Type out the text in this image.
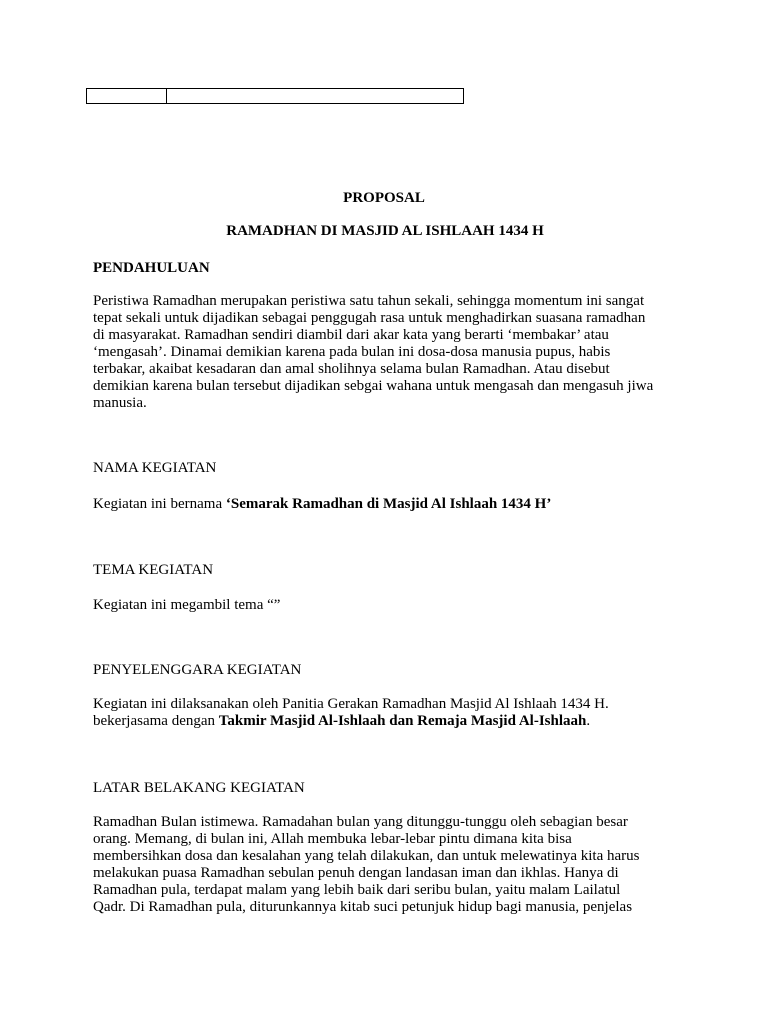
PROPOSAL
RAMADHAN DI MASJID AL ISHLAAH 1434 H
PENDAHULUAN
Peristiwa Ramadhan merupakan peristiwa satu tahun sekali, sehingga momentum ini sangat
tepat sekali untuk dijadikan sebagai penggugah rasa untuk menghadirkan suasana ramadhan
di masyarakat. Ramadhan sendiri diambil dari akar kata yang berarti ‘membakar’ atau
‘mengasah’. Dinamai demikian karena pada bulan ini dosa-dosa manusia pupus, habis
terbakar, akaibat kesadaran dan amal sholihnya selama bulan Ramadhan. Atau disebut
demikian karena bulan tersebut dijadikan sebgai wahana untuk mengasah dan mengasuh jiwa
manusia.
NAMA KEGIATAN
Kegiatan ini bernama ‘Semarak Ramadhan di Masjid Al Ishlaah 1434 H’
TEMA KEGIATAN
Kegiatan ini megambil tema “”
PENYELENGGARA KEGIATAN
Kegiatan ini dilaksanakan oleh Panitia Gerakan Ramadhan Masjid Al Ishlaah 1434 H.
bekerjasama dengan Takmir Masjid Al-Ishlaah dan Remaja Masjid Al-Ishlaah.
LATAR BELAKANG KEGIATAN
Ramadhan Bulan istimewa. Ramadahan bulan yang ditunggu-tunggu oleh sebagian besar
orang. Memang, di bulan ini, Allah membuka lebar-lebar pintu dimana kita bisa
membersihkan dosa dan kesalahan yang telah dilakukan, dan untuk melewatinya kita harus
melakukan puasa Ramadhan sebulan penuh dengan landasan iman dan ikhlas. Hanya di
Ramadhan pula, terdapat malam yang lebih baik dari seribu bulan, yaitu malam Lailatul
Qadr. Di Ramadhan pula, diturunkannya kitab suci petunjuk hidup bagi manusia, penjelas
